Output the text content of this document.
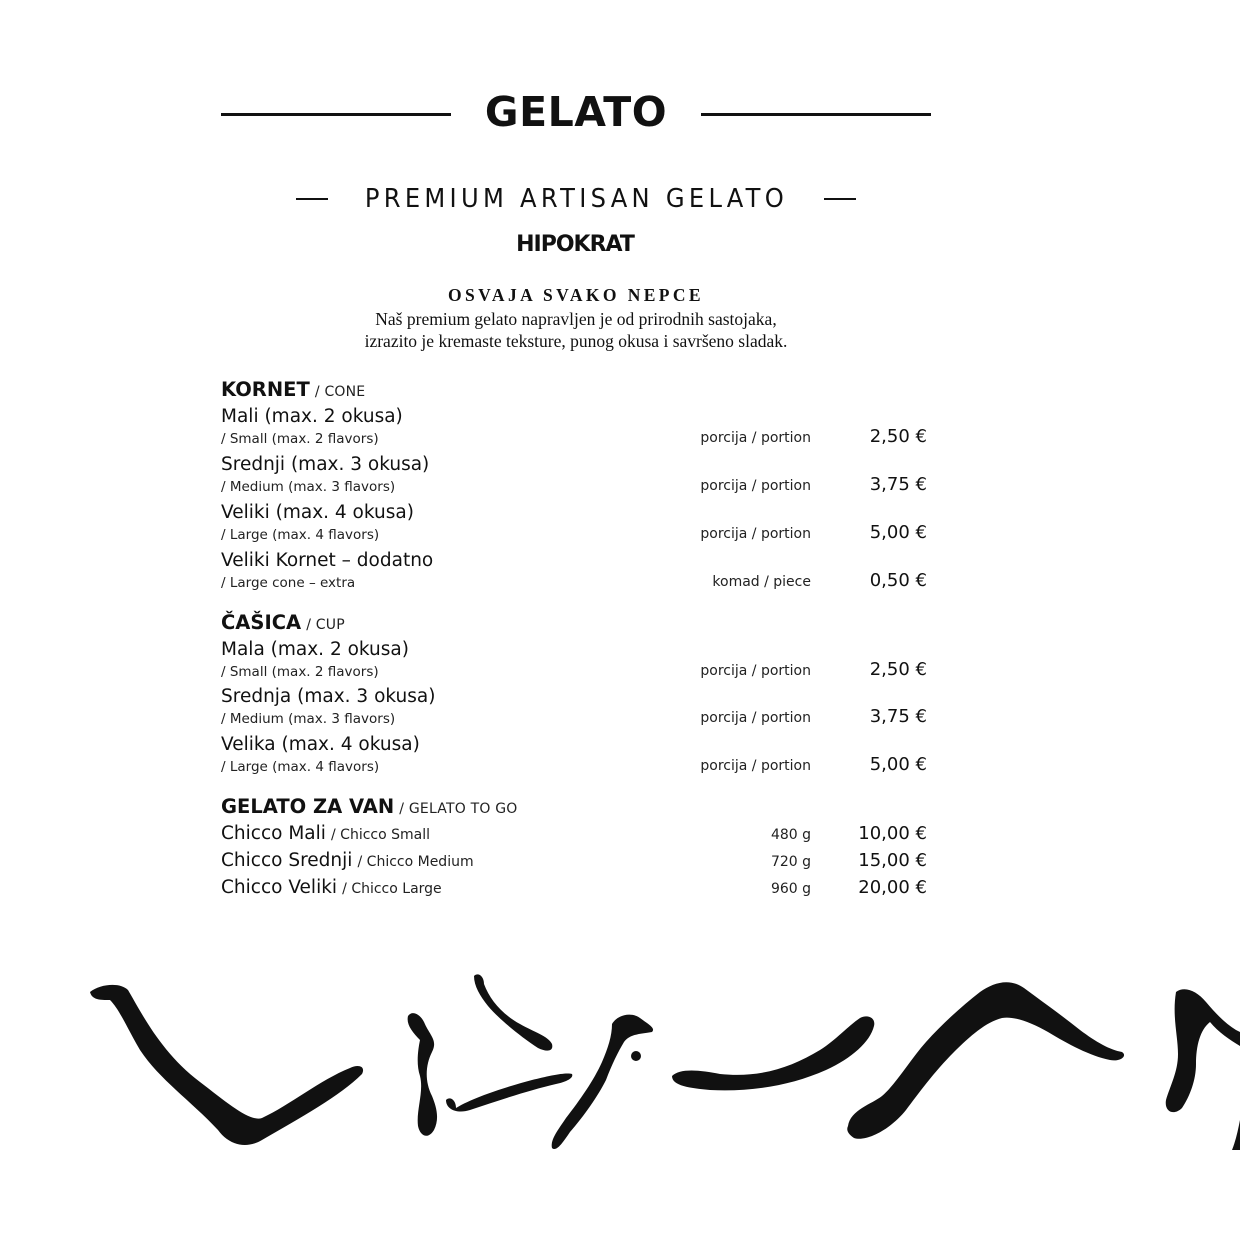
GELATO
PREMIUM ARTISAN GELATO
HIPOKRAT
OSVAJA SVAKO NEPCE
Naš premium gelato napravljen je od prirodnih sastojaka,
izrazito je kremaste teksture, punog okusa i savršeno sladak.
KORNET / CONE
Mali (max. 2 okusa)
/ Small (max. 2 flavors)	porcija / portion	2,50 €
Srednji (max. 3 okusa)
/ Medium (max. 3 flavors)	porcija / portion	3,75 €
Veliki (max. 4 okusa)
/ Large (max. 4 flavors)	porcija / portion	5,00 €
Veliki Kornet – dodatno
/ Large cone – extra	komad / piece	0,50 €
ČAŠICA / CUP
Mala (max. 2 okusa)
/ Small (max. 2 flavors)	porcija / portion	2,50 €
Srednja (max. 3 okusa)
/ Medium (max. 3 flavors)	porcija / portion	3,75 €
Velika (max. 4 okusa)
/ Large (max. 4 flavors)	porcija / portion	5,00 €
GELATO ZA VAN / GELATO TO GO
Chicco Mali / Chicco Small	480 g	10,00 €
Chicco Srednji / Chicco Medium	720 g	15,00 €
Chicco Veliki / Chicco Large	960 g	20,00 €
